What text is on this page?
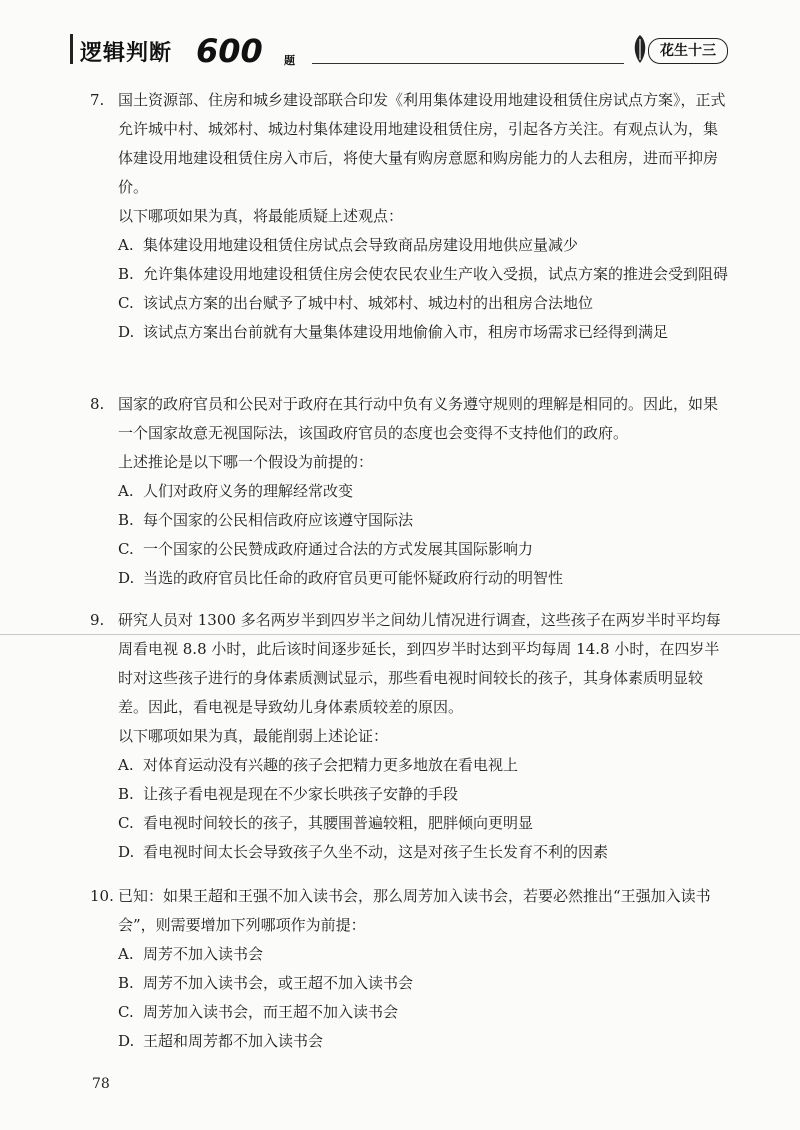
逻辑判断 600 题
花生十三
7. 国土资源部、住房和城乡建设部联合印发《利用集体建设用地建设租赁住房试点方案》，正式允许城中村、城郊村、城边村集体建设用地建设租赁住房，引起各方关注。有观点认为，集体建设用地建设租赁住房入市后，将使大量有购房意愿和购房能力的人去租房，进而平抑房价。
以下哪项如果为真，将最能质疑上述观点：
A. 集体建设用地建设租赁住房试点会导致商品房建设用地供应量减少
B. 允许集体建设用地建设租赁住房会使农民农业生产收入受损，试点方案的推进会受到阻碍
C. 该试点方案的出台赋予了城中村、城郊村、城边村的出租房合法地位
D. 该试点方案出台前就有大量集体建设用地偷偷入市，租房市场需求已经得到满足
8. 国家的政府官员和公民对于政府在其行动中负有义务遵守规则的理解是相同的。因此，如果一个国家故意无视国际法，该国政府官员的态度也会变得不支持他们的政府。
上述推论是以下哪一个假设为前提的：
A. 人们对政府义务的理解经常改变
B. 每个国家的公民相信政府应该遵守国际法
C. 一个国家的公民赞成政府通过合法的方式发展其国际影响力
D. 当选的政府官员比任命的政府官员更可能怀疑政府行动的明智性
9. 研究人员对 1300 多名两岁半到四岁半之间幼儿情况进行调查，这些孩子在两岁半时平均每周看电视 8.8 小时，此后该时间逐步延长，到四岁半时达到平均每周 14.8 小时，在四岁半时对这些孩子进行的身体素质测试显示，那些看电视时间较长的孩子，其身体素质明显较差。因此，看电视是导致幼儿身体素质较差的原因。
以下哪项如果为真，最能削弱上述论证：
A. 对体育运动没有兴趣的孩子会把精力更多地放在看电视上
B. 让孩子看电视是现在不少家长哄孩子安静的手段
C. 看电视时间较长的孩子，其腰围普遍较粗，肥胖倾向更明显
D. 看电视时间太长会导致孩子久坐不动，这是对孩子生长发育不利的因素
10. 已知：如果王超和王强不加入读书会，那么周芳加入读书会，若要必然推出“王强加入读书会”，则需要增加下列哪项作为前提：
A. 周芳不加入读书会
B. 周芳不加入读书会，或王超不加入读书会
C. 周芳加入读书会，而王超不加入读书会
D. 王超和周芳都不加入读书会
78
